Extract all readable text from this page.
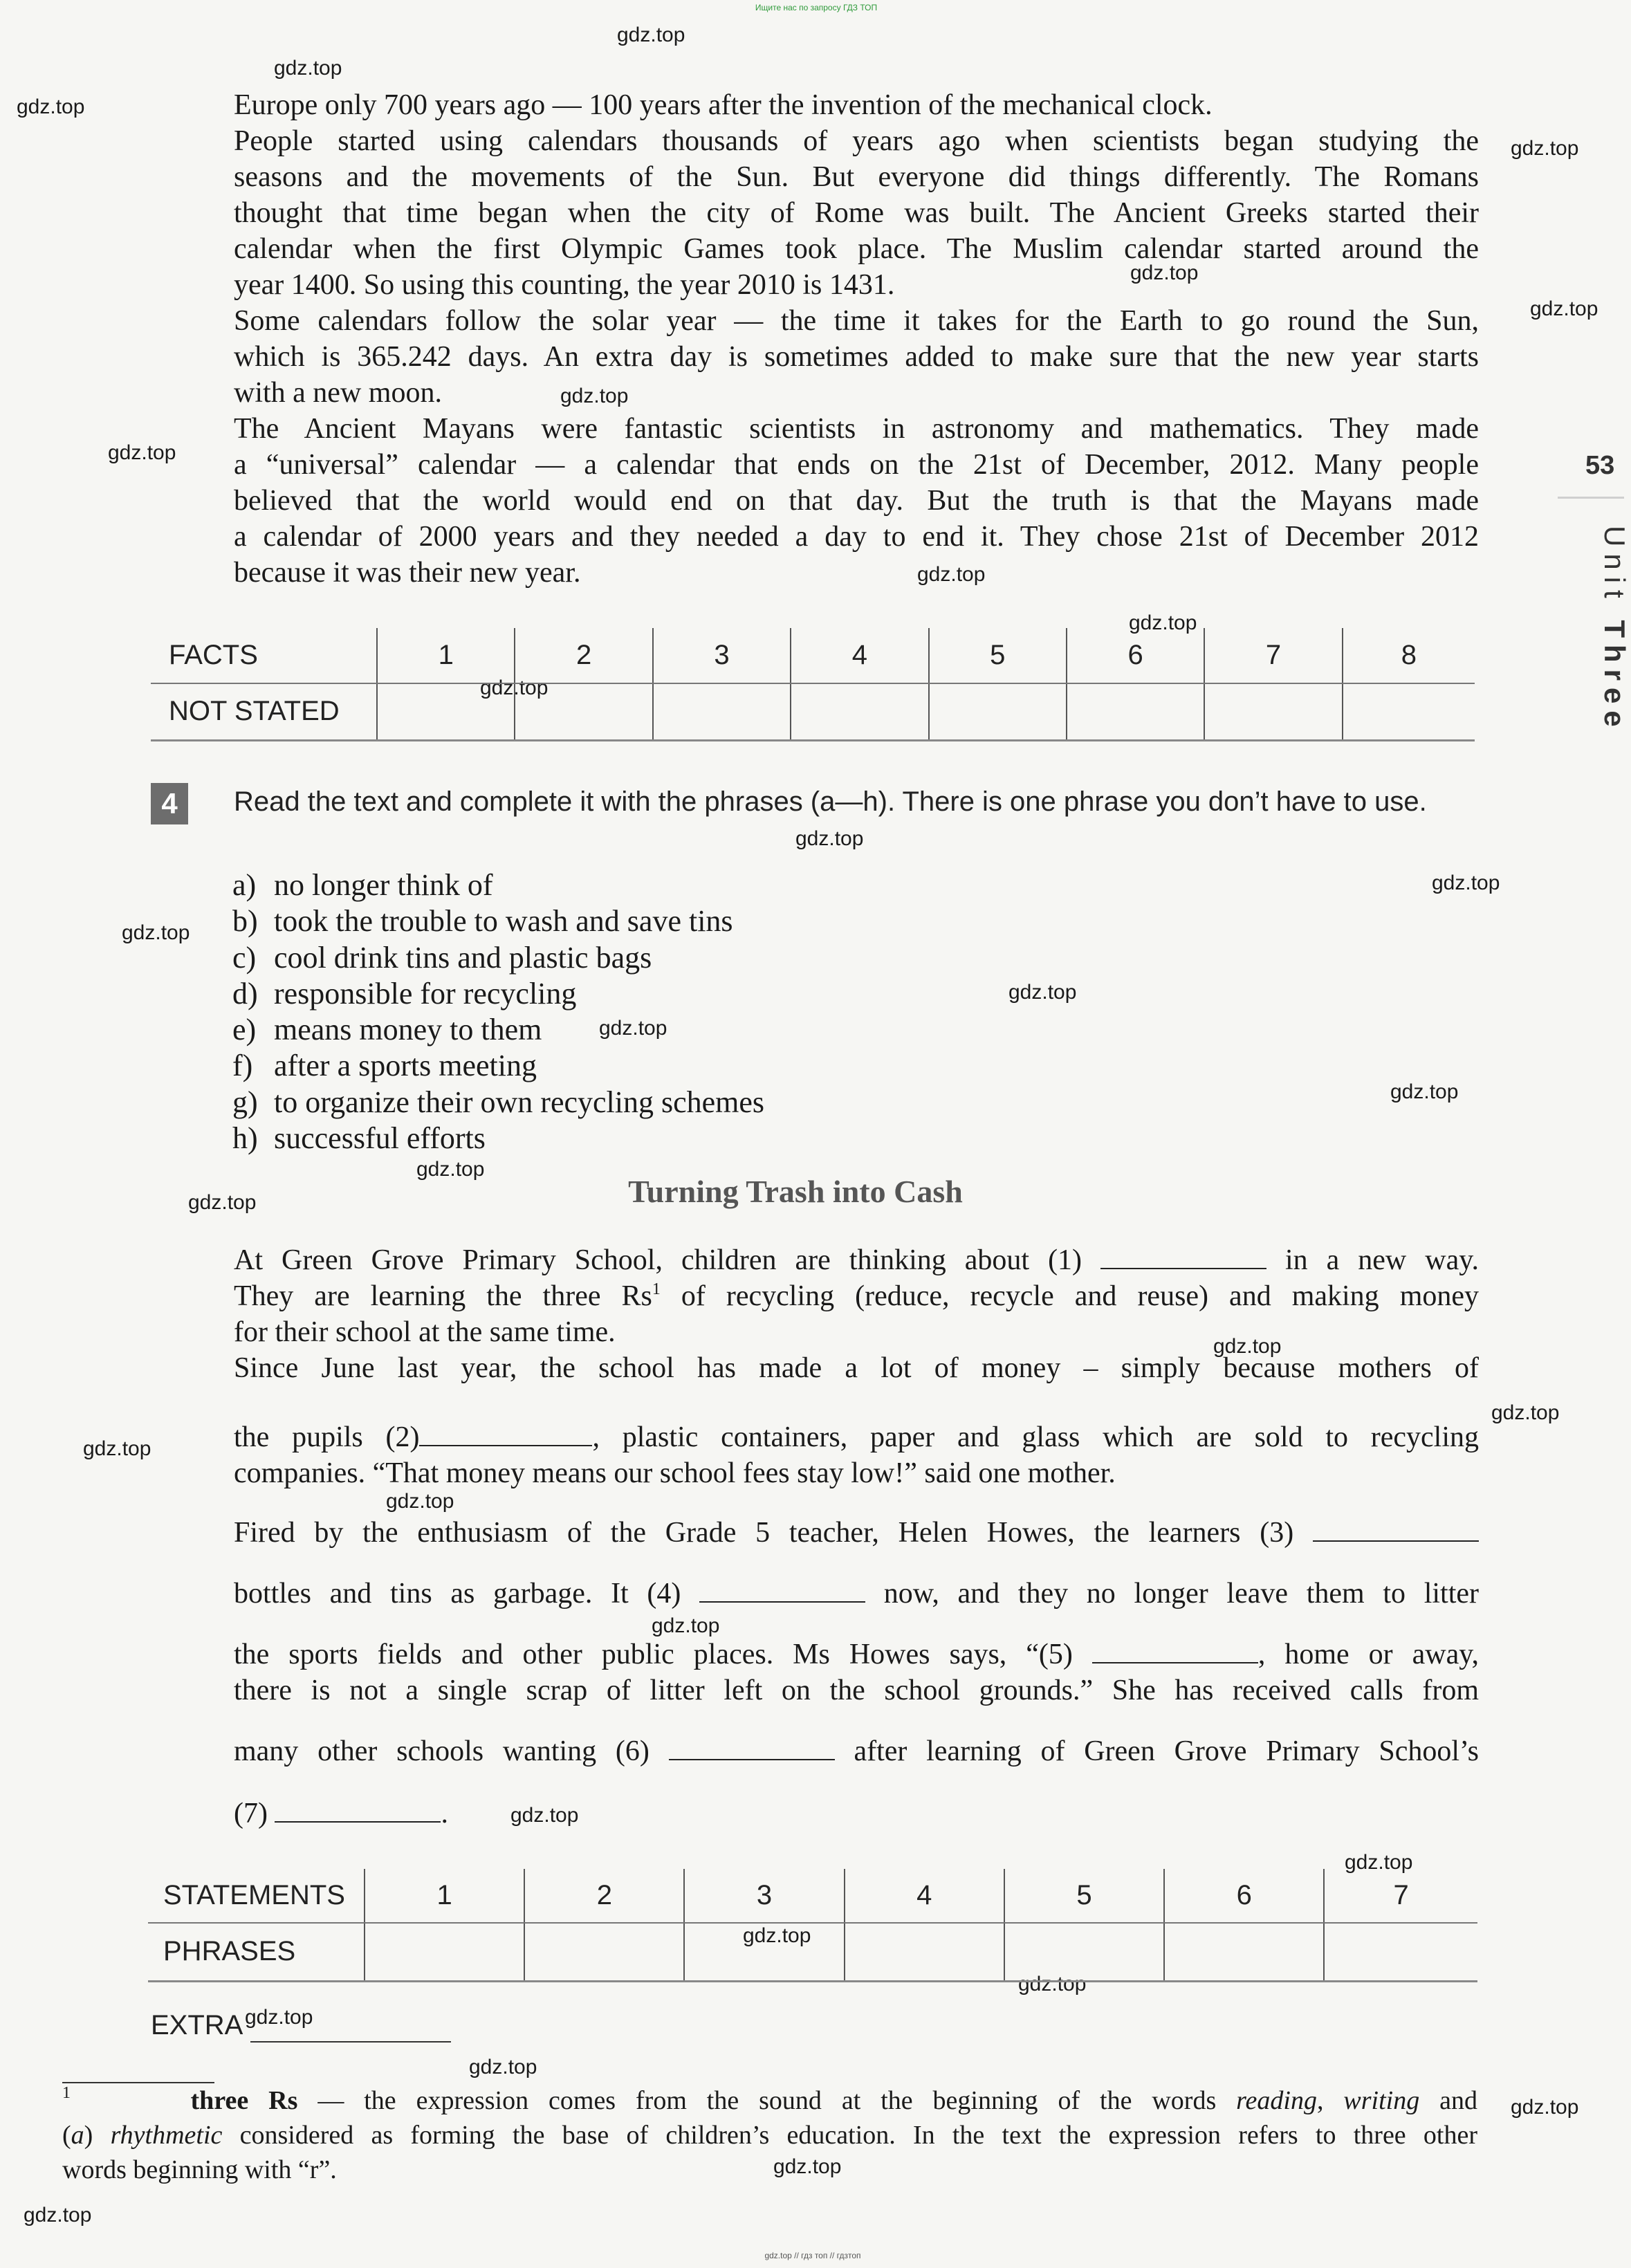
Ищите нас по запросу ГДЗ ТОП
gdz.top
gdz.top
gdz.top
gdz.top
gdz.top
gdz.top
gdz.top
gdz.top
gdz.top
gdz.top
gdz.top
gdz.top
gdz.top
gdz.top
gdz.top
gdz.top
gdz.top
gdz.top
gdz.top
gdz.top
gdz.top
gdz.top
gdz.top
gdz.top
gdz.top
gdz.top
gdz.top
gdz.top
gdz.top
gdz.top
gdz.top
gdz.top
gdz.top
53
Unit Three
Europe only 700 years ago — 100 years after the invention of the mechanical clock.
People started using calendars thousands of years ago when scientists began studying the
seasons and the movements of the Sun. But everyone did things differently. The Romans
thought that time began when the city of Rome was built. The Ancient Greeks started their
calendar when the first Olympic Games took place. The Muslim calendar started around the
year 1400. So using this counting, the year 2010 is 1431.
Some calendars follow the solar year — the time it takes for the Earth to go round the Sun,
which is 365.242 days. An extra day is sometimes added to make sure that the new year starts
with a new moon.
The Ancient Mayans were fantastic scientists in astronomy and mathematics. They made
a “universal” calendar — a calendar that ends on the 21st of December, 2012. Many people
believed that the world would end on that day. But the truth is that the Mayans made
a calendar of 2000 years and they needed a day to end it. They chose 21st of December 2012
because it was their new year.
FACTS	1	2	3	4	5	6	7	8
NOT STATED								
4	Read the text and complete it with the phrases (a—h). There is one phrase you don’t have to use.
a) no longer think of
b) took the trouble to wash and save tins
c) cool drink tins and plastic bags
d) responsible for recycling
e) means money to them
f) after a sports meeting
g) to organize their own recycling schemes
h) successful efforts
Turning Trash into Cash
At Green Grove Primary School, children are thinking about (1)	in a new way.
They are learning the three Rs$^1$ of recycling (reduce, recycle and reuse) and making money
for their school at the same time.
Since June last year, the school has made a lot of money – simply because mothers of
the pupils (2)	, plastic containers, paper and glass which are sold to recycling
companies. “That money means our school fees stay low!” said one mother.
Fired by the enthusiasm of the Grade 5 teacher, Helen Howes, the learners (3)
bottles and tins as garbage. It (4)	now, and they no longer leave them to litter
the sports fields and other public places. Ms Howes says, “(5)	, home or away,
there is not a single scrap of litter left on the school grounds.” She has received calls from
many other schools wanting (6)	after learning of Green Grove Primary School’s
(7)	.
STATEMENTS	1	2	3	4	5	6	7
PHRASES							
EXTRA
$^1$	three Rs — the expression comes from the sound at the beginning of the words reading, writing and
(a) rhythmetic considered as forming the base of children’s education. In the text the expression refers to three other
words beginning with “r”.
gdz.top // гдз топ // гдзтоп
